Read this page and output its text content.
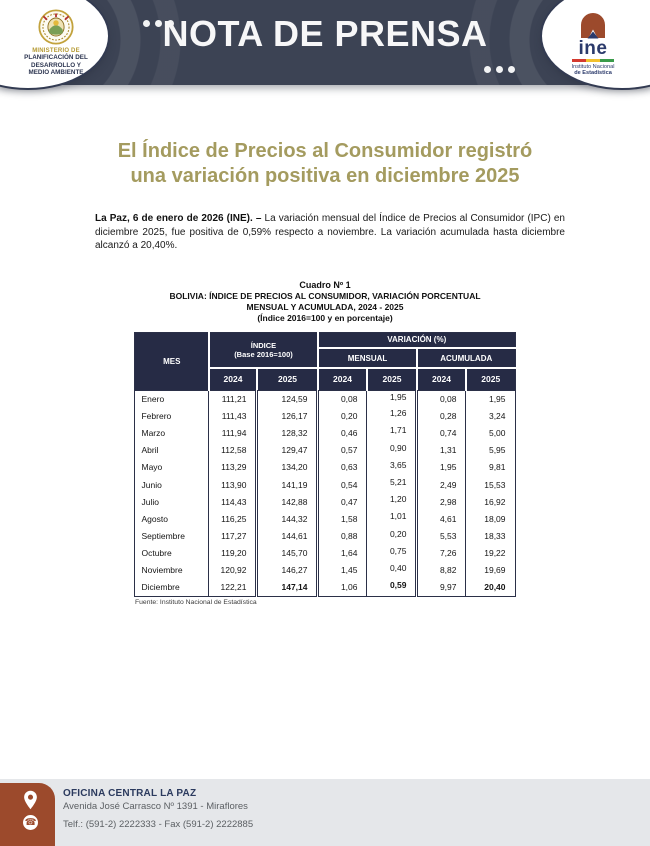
NOTA DE PRENSA
MINISTERIO DE
PLANIFICACIÓN DEL
DESARROLLO Y
MEDIO AMBIENTE
ine
Instituto Nacional
de Estadística
El Índice de Precios al Consumidor registró
una variación positiva en diciembre 2025

La Paz, 6 de enero de 2026 (INE). – La variación mensual del Índice de Precios al Consumidor (IPC) en diciembre 2025, fue positiva de 0,59% respecto a noviembre. La variación acumulada hasta diciembre alcanzó a 20,40%.

Cuadro Nº 1
BOLIVIA: ÍNDICE DE PRECIOS AL CONSUMIDOR, VARIACIÓN PORCENTUAL
MENSUAL Y ACUMULADA, 2024 - 2025
(Índice 2016=100 y en porcentaje)
MES	ÍNDICE
(Base 2016=100)		VARIACIÓN (%)			
			MENSUAL		ACUMULADA	
	2024	2025	2024	2025	2024	2025
Enero	111,21	124,59	0,08	1,95	0,08	1,95
Febrero	111,43	126,17	0,20	1,26	0,28	3,24
Marzo	111,94	128,32	0,46	1,71	0,74	5,00
Abril	112,58	129,47	0,57	0,90	1,31	5,95
Mayo	113,29	134,20	0,63	3,65	1,95	9,81
Junio	113,90	141,19	0,54	5,21	2,49	15,53
Julio	114,43	142,88	0,47	1,20	2,98	16,92
Agosto	116,25	144,32	1,58	1,01	4,61	18,09
Septiembre	117,27	144,61	0,88	0,20	5,53	18,33
Octubre	119,20	145,70	1,64	0,75	7,26	19,22
Noviembre	120,92	146,27	1,45	0,40	8,82	19,69
Diciembre	122,21	147,14	1,06	0,59	9,97	20,40
Fuente: Instituto Nacional de Estadística
☎
OFICINA CENTRAL LA PAZ
Avenida José Carrasco Nº 1391 - Miraflores
Telf.: (591-2) 2222333 - Fax (591-2) 2222885
